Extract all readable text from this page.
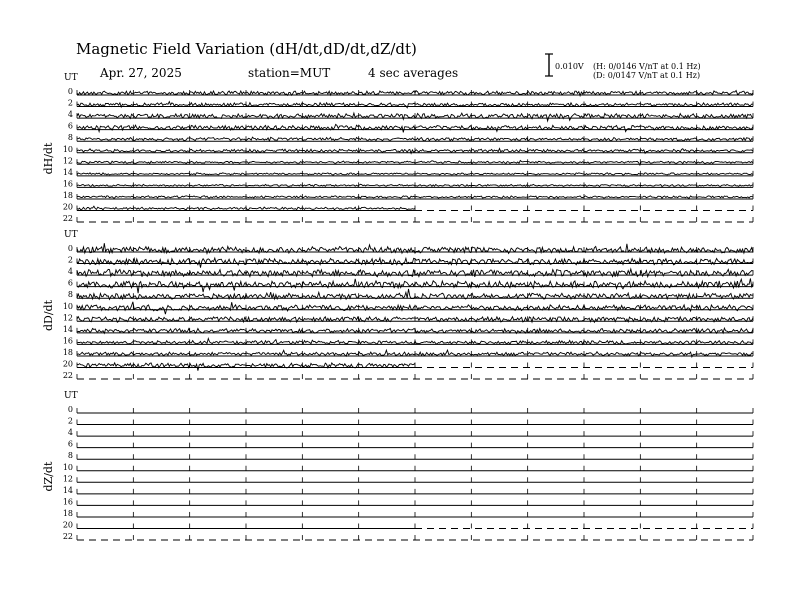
Magnetic Field Variation (dH/dt,dD/dt,dZ/dt)
Apr. 27, 2025	station=MUT	4 sec averages	0.010V (H: 0/0146 V/nT at 0.1 Hz)
(D: 0/0147 V/nT at 0.1 Hz)
UT
dH/dt
0
2
4
6
8
10
12
14
16
18
20
22
UT
dD/dt
0
2
4
6
8
10
12
14
16
18
20
22
UT
dZ/dt
0
2
4
6
8
10
12
14
16
18
20
22
